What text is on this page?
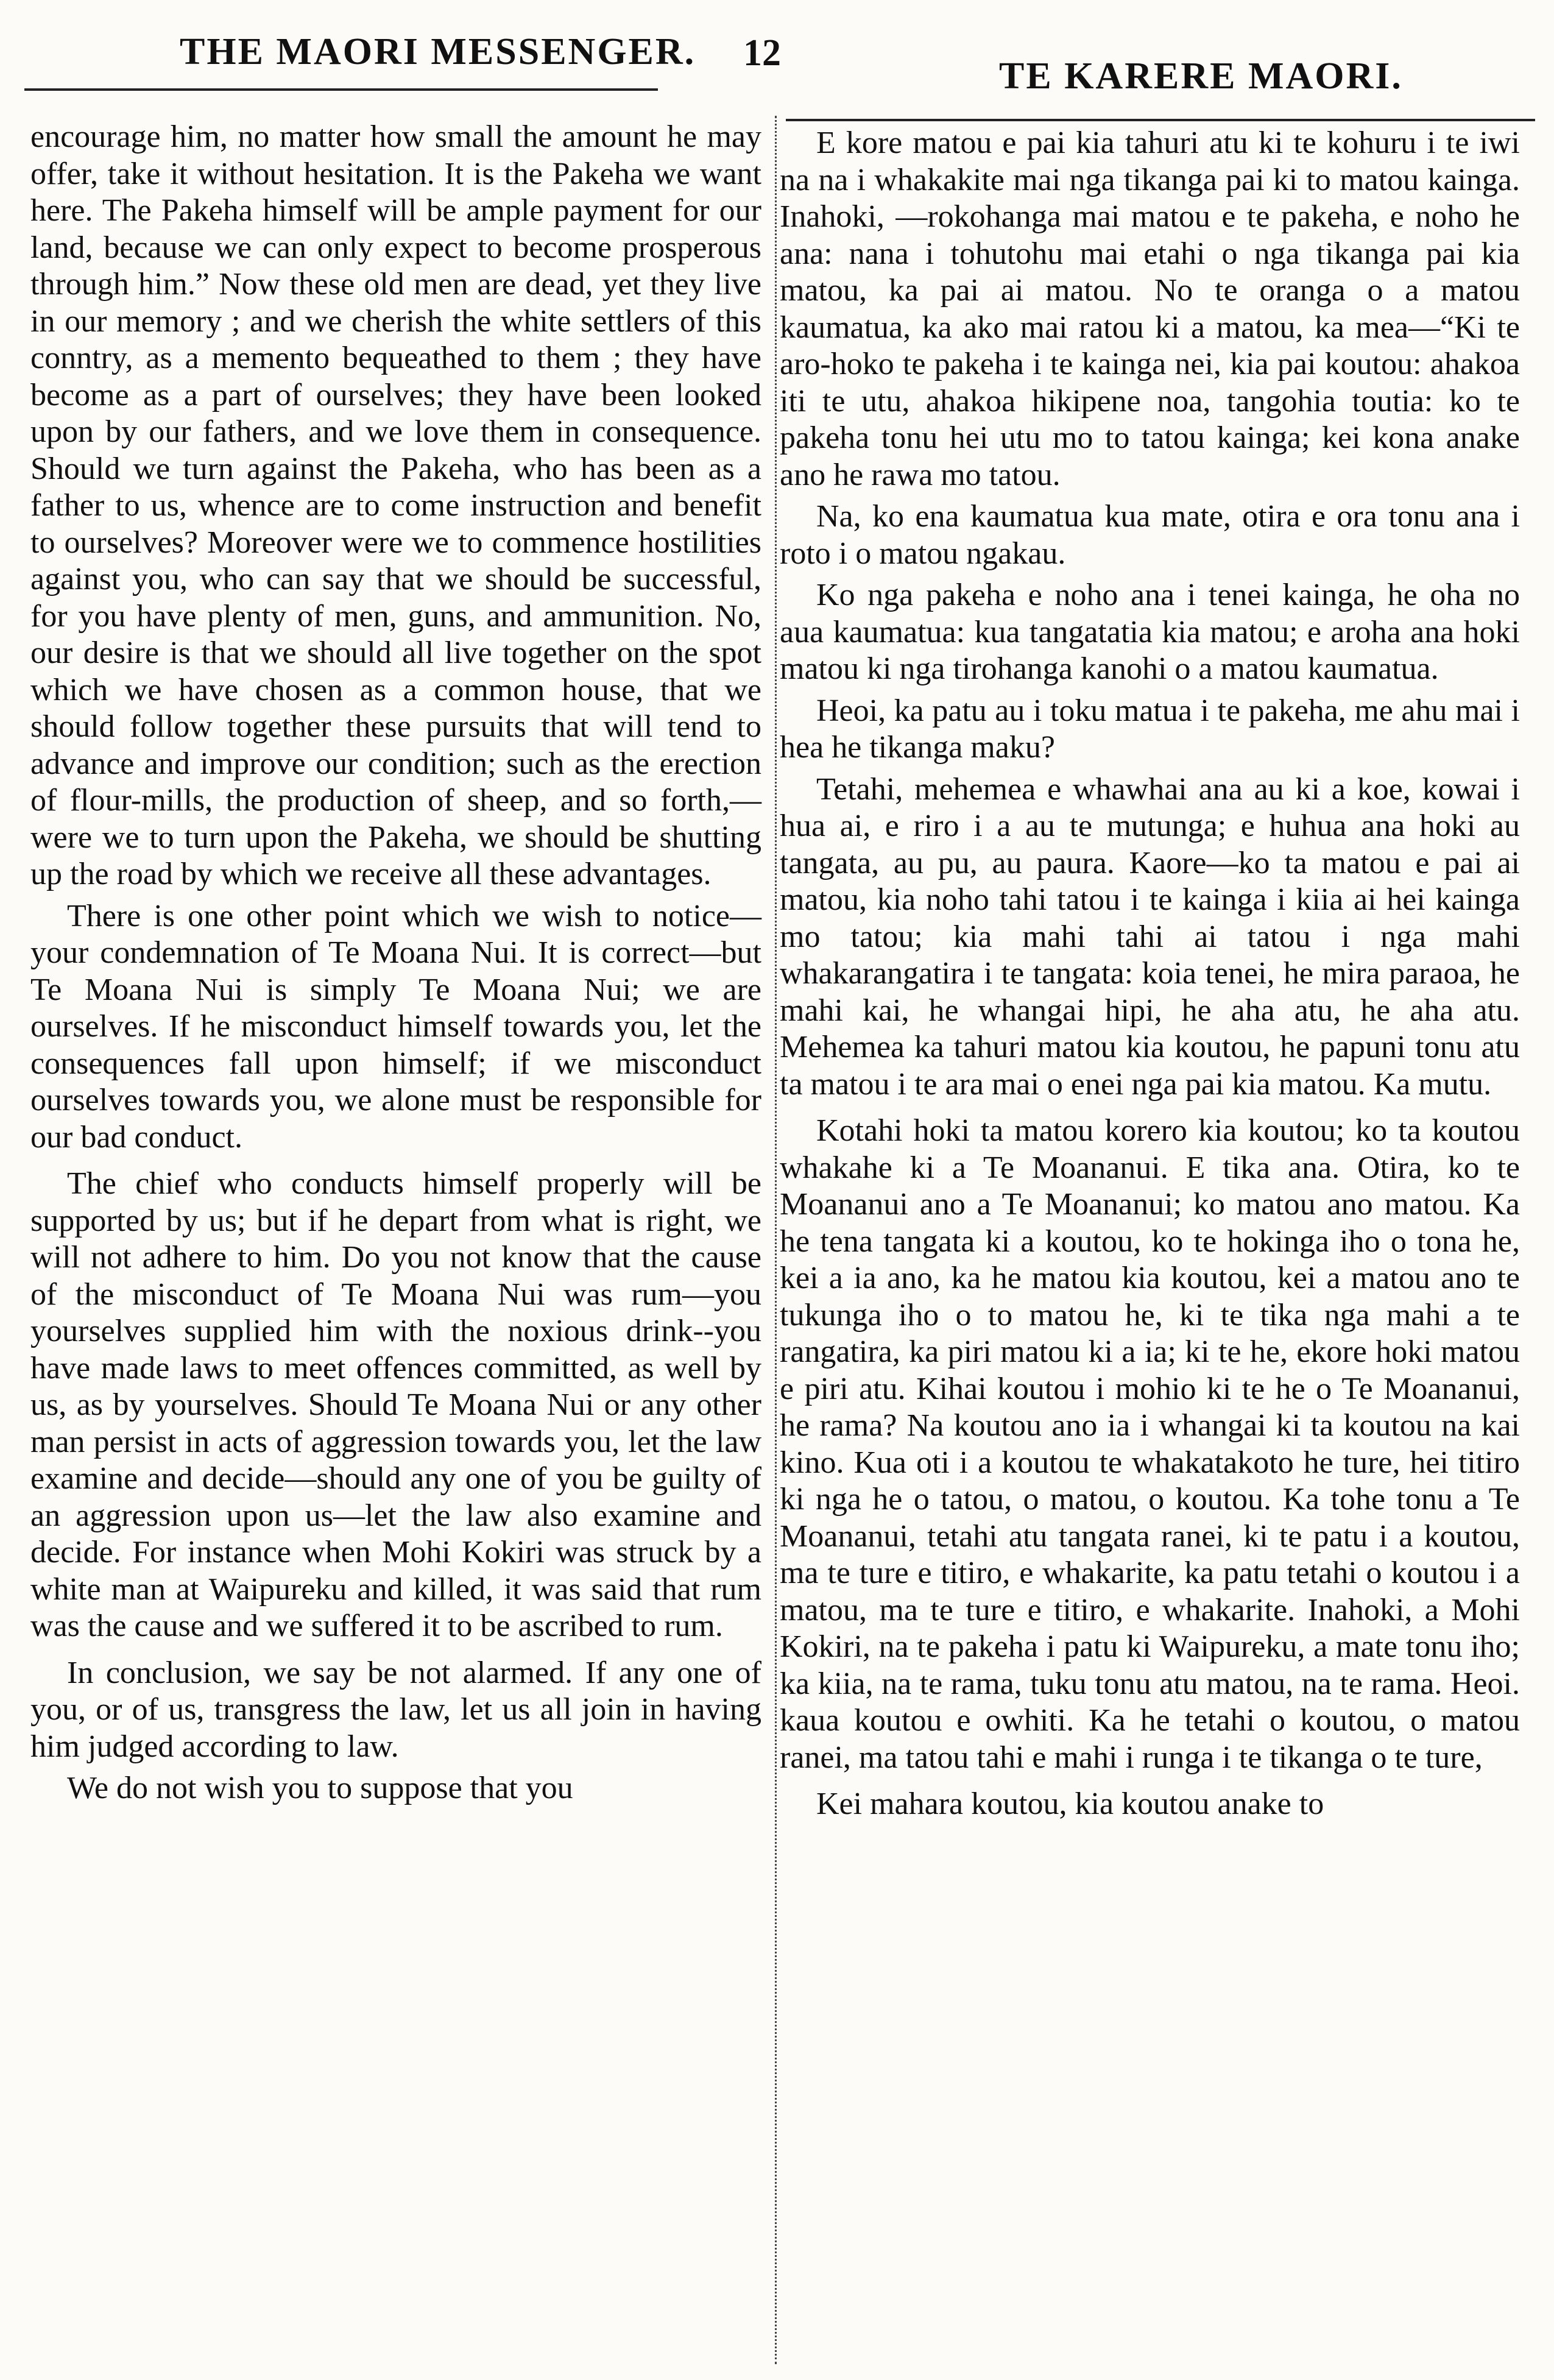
THE MAORI MESSENGER. 12
TE KARERE MAORI.

encourage him, no matter how small the amount he may offer, take it without hesitation. It is the Pakeha we want here. The Pakeha himself will be ample payment for our land, because we can only expect to become prosperous through him.” Now these old men are dead, yet they live in our memory ; and we cherish the white settlers of this conntry, as a memento bequeathed to them ; they have become as a part of ourselves; they have been looked upon by our fathers, and we love them in consequence. Should we turn against the Pakeha, who has been as a father to us, whence are to come instruction and benefit to ourselves? Moreover were we to commence hostilities against you, who can say that we should be successful, for you have plenty of men, guns, and ammunition. No, our desire is that we should all live together on the spot which we have chosen as a common house, that we should follow together these pursuits that will tend to advance and improve our condition; such as the erection of flour-mills, the production of sheep, and so forth,—were we to turn upon the Pakeha, we should be shutting up the road by which we receive all these advantages.

There is one other point which we wish to notice—your condemnation of Te Moana Nui. It is correct—but Te Moana Nui is simply Te Moana Nui; we are ourselves. If he misconduct himself towards you, let the consequences fall upon himself; if we misconduct ourselves towards you, we alone must be responsible for our bad conduct.

The chief who conducts himself properly will be supported by us; but if he depart from what is right, we will not adhere to him. Do you not know that the cause of the misconduct of Te Moana Nui was rum—you yourselves supplied him with the noxious drink--you have made laws to meet offences committed, as well by us, as by yourselves. Should Te Moana Nui or any other man persist in acts of aggression towards you, let the law examine and decide—should any one of you be guilty of an aggression upon us—let the law also examine and decide. For instance when Mohi Kokiri was struck by a white man at Waipureku and killed, it was said that rum was the cause and we suffered it to be ascribed to rum.

In conclusion, we say be not alarmed. If any one of you, or of us, transgress the law, let us all join in having him judged according to law.

We do not wish you to suppose that you

E kore matou e pai kia tahuri atu ki te kohuru i te iwi na na i whakakite mai nga tikanga pai ki to matou kainga. Inahoki, —rokohanga mai matou e te pakeha, e noho he ana: nana i tohutohu mai etahi o nga tikanga pai kia matou, ka pai ai matou. No te oranga o a matou kaumatua, ka ako mai ratou ki a matou, ka mea—“Ki te aro-hoko te pakeha i te kainga nei, kia pai koutou: ahakoa iti te utu, ahakoa hikipene noa, tangohia toutia: ko te pakeha tonu hei utu mo to tatou kainga; kei kona anake ano he rawa mo tatou.

Na, ko ena kaumatua kua mate, otira e ora tonu ana i roto i o matou ngakau.

Ko nga pakeha e noho ana i tenei kainga, he oha no aua kaumatua: kua tangatatia kia matou; e aroha ana hoki matou ki nga tirohanga kanohi o a matou kaumatua.

Heoi, ka patu au i toku matua i te pakeha, me ahu mai i hea he tikanga maku?

Tetahi, mehemea e whawhai ana au ki a koe, kowai i hua ai, e riro i a au te mutunga; e huhua ana hoki au tangata, au pu, au paura. Kaore—ko ta matou e pai ai matou, kia noho tahi tatou i te kainga i kiia ai hei kainga mo tatou; kia mahi tahi ai tatou i nga mahi whakarangatira i te tangata: koia tenei, he mira paraoa, he mahi kai, he whangai hipi, he aha atu, he aha atu. Mehemea ka tahuri matou kia koutou, he papuni tonu atu ta matou i te ara mai o enei nga pai kia matou. Ka mutu.

Kotahi hoki ta matou korero kia koutou; ko ta koutou whakahe ki a Te Moananui. E tika ana. Otira, ko te Moananui ano a Te Moananui; ko matou ano matou. Ka he tena tangata ki a koutou, ko te hokinga iho o tona he, kei a ia ano, ka he matou kia koutou, kei a matou ano te tukunga iho o to matou he, ki te tika nga mahi a te rangatira, ka piri matou ki a ia; ki te he, ekore hoki matou e piri atu. Kihai koutou i mohio ki te he o Te Moananui, he rama? Na koutou ano ia i whangai ki ta koutou na kai kino. Kua oti i a koutou te whakatakoto he ture, hei titiro ki nga he o tatou, o matou, o koutou. Ka tohe tonu a Te Moananui, tetahi atu tangata ranei, ki te patu i a koutou, ma te ture e titiro, e whakarite, ka patu tetahi o koutou i a matou, ma te ture e titiro, e whakarite. Inahoki, a Mohi Kokiri, na te pakeha i patu ki Waipureku, a mate tonu iho; ka kiia, na te rama, tuku tonu atu matou, na te rama. Heoi. kaua koutou e owhiti. Ka he tetahi o koutou, o matou ranei, ma tatou tahi e mahi i runga i te tikanga o te ture,

Kei mahara koutou, kia koutou anake to
